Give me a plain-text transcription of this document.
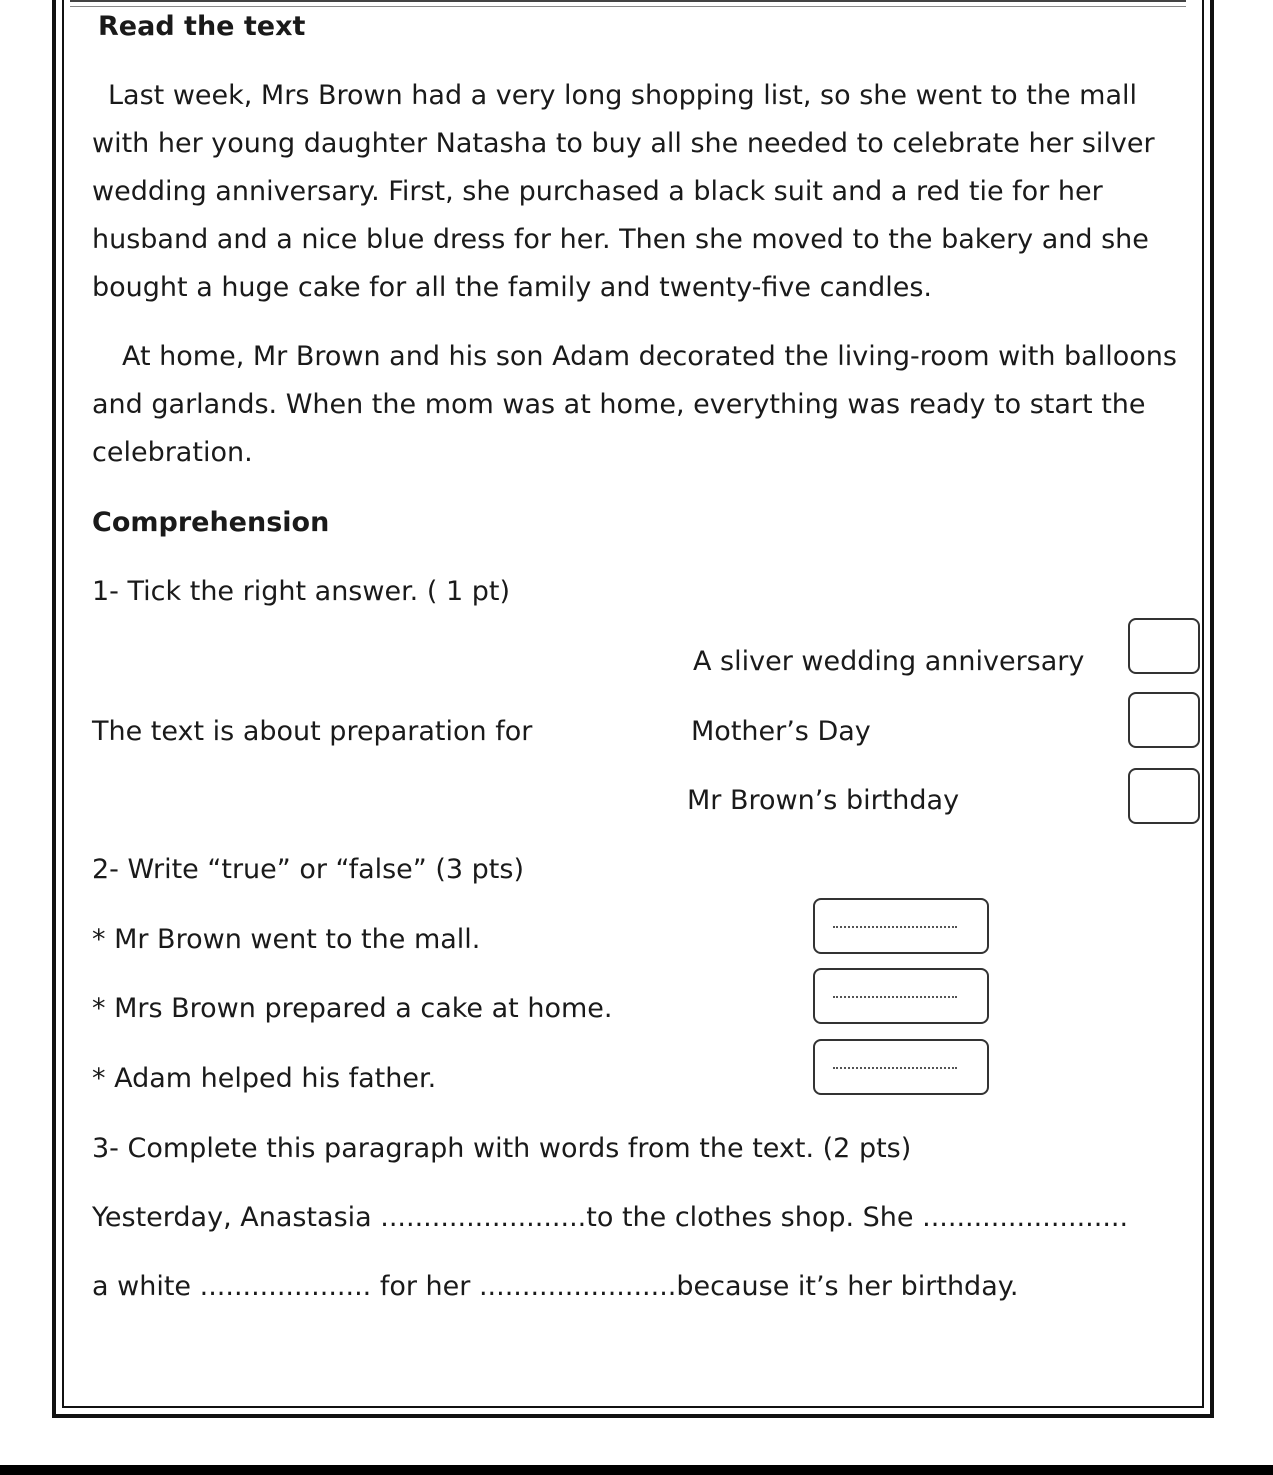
Read the text

Last week, Mrs Brown had a very long shopping list, so she went to the mall with her young daughter Natasha to buy all she needed to celebrate her silver wedding anniversary. First, she purchased a black suit and a red tie for her husband and a nice blue dress for her. Then she moved to the bakery and she bought a huge cake for all the family and twenty-five candles.

At home, Mr Brown and his son Adam decorated the living-room with balloons and garlands. When the mom was at home, everything was ready to start the celebration.

Comprehension
1- Tick the right answer. ( 1 pt)
A sliver wedding anniversary
The text is about preparation for	Mother’s Day
Mr Brown’s birthday
2- Write “true” or “false” (3 pts)
* Mr Brown went to the mall.
* Mrs Brown prepared a cake at home.
* Adam helped his father.
3- Complete this paragraph with words from the text. (2 pts)
Yesterday, Anastasia ........................to the clothes shop. She ........................
a white .................... for her .......................because it’s her birthday.
